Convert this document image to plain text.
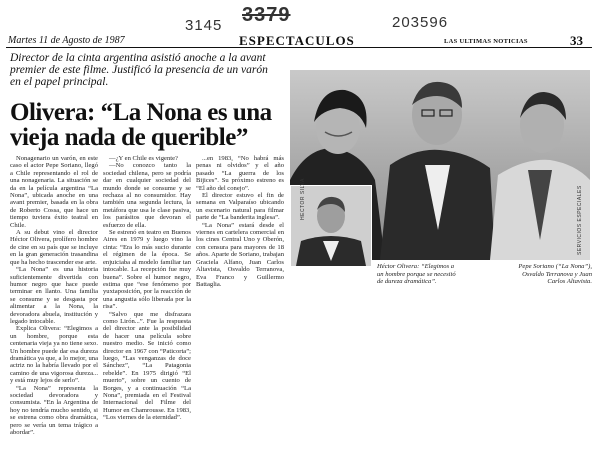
3145 3379	203596
Martes 11 de Agosto de 1987	ESPECTACULOS	LAS ULTIMAS NOTICIAS	33
Director de la cinta argentina asistió anoche a la avant premier de este filme. Justificó la presencia de un varón en el papel principal.
Olivera: “La Nona es una
vieja nada de querible”

Nonagenario un varón, en este caso el actor Pepe Soriano, llegó a Chile representando el rol de una nonagenaria. La situación se da en la película argentina “La Nona”, ubicada anoche en una avant premier, basada en la obra de Roberto Cossa, que hace un tiempo tuviera éxito teatral en Chile.

A su debut vino el director Héctor Olivera, prolífero hombre de cine en su país que se incluye en la gran generación trasandina que ha hecho trascender ese arte.

“La Nona” es una historia suficientemente divertida con humor negro que hace puede terminar en llanto. Una familia se consume y se desgasta por alimentar a la Nona, la devoradora abuela, institución y legado intocable.

Explica Olivera: “Elegimos a un hombre, porque esta centenaria vieja ya no tiene sexo. Un hombre puede dar esa dureza dramática ya que, a lo mejor, una actriz no la habría llevado por el camino de una vigorosa dureza... y está muy lejos de serlo”.

“La Nona” representa la sociedad devoradora y consumista. “En la Argentina de hoy no tendría mucho sentido, si se estrena como obra dramática, pero se vería un tema trágico a abordar”.

—¿Y en Chile es vigente?

—No conozco tanto la sociedad chilena, pero se podría dar en cualquier sociedad del mundo donde se consume y se rechaza al no consumidor. Hay también una segunda lectura, la metáfora que usa le clase pasiva, los parásitos que devoran el esfuerzo de ella.

Se estrenó en teatro en Buenos Aires en 1979 y luego vino la cinta: “Era lo más sucio durante el régimen de la época. Se enjuiciaba al modelo familiar tan intocable. La recepción fue muy buena”. Sobre el humor negro, estima que “ese fenómeno por yuxtaposición, por la reacción de una angustia sólo liberada por la risa”.

“Salvo que me disfrazara como Lirón...”. Fue la respuesta del director ante la posibilidad de hacer una película sobre nuestro medio. Se inició como director en 1967 con “Paticorta”; luego, “Las venganzas de doce Sánchez”, “La Patagonia rebelde”. En 1975 dirigió “El muerto”, sobre un cuento de Borges, y a continuación “La Nona”, premiada en el Festival Internacional del Filme del Humor en Chamrousse. En 1983, “Los viernes de la eternidad”.

...en 1983, “No habrá más penas ni olvidos” y el año pasado “La guerra de los Bijices”. Su próximo estreno es “El año del conejo”.

El director estuvo el fin de semana en Valparaíso ubicando un escenario natural para filmar parte de “La banderita inglesa”.

“La Nona” estará desde el viernes en cartelera comercial en los cines Central Uno y Oberón, con censura para mayores de 18 años. Aparte de Soriano, trabajan Graciela Alfano, Juan Carlos Altavista, Osvaldo Terranova, Eva Franco y Guillermo Battaglia.

HECTOR SILVA	SERVICIOS ESPECIALES
Héctor Olivera: “Elegimos a un hombre porque se necesitó de dureza dramática”.
Pepe Soriano (“La Nona”), Osvaldo Terranova y Juan Carlos Altavista.
